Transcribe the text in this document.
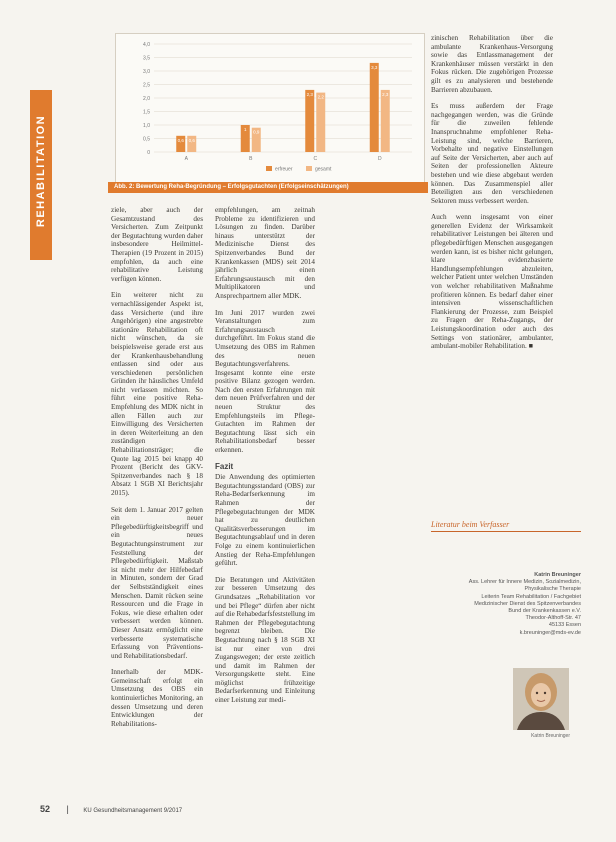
REHABILITATION
4,0
3,5
3,0
2,5
2,0
1,5
1,0
0,5
0
0,6 0,6
A
1
0,9
B
2,3
2,2
C
3,3
2,3
D
erfreuer	gesamt
Abb. 2: Bewertung Reha-Begründung – Erfolgsgutachten (Erfolgseinschätzungen)

ziele, aber auch der Gesamtzustand des Versicherten. Zum Zeitpunkt der Begutachtung wurden daher insbesondere Heilmittel-Therapien (19 Prozent in 2015) empfohlen, da auch eine rehabilitative Leistung verfügen können.

Ein weiterer nicht zu vernachlässigender Aspekt ist, dass Versicherte (und ihre Angehörigen) eine angestrebte stationäre Rehabilitation oft nicht wünschen, da sie beispielsweise gerade erst aus der Krankenhausbehandlung entlassen sind oder aus verschiedenen persönlichen Gründen ihr häusliches Umfeld nicht verlassen möchten. So führt eine positive Reha-Empfehlung des MDK nicht in allen Fällen auch zur Einwilligung des Versicherten in deren Weiterleitung an den zuständigen Rehabilitationsträger; die Quote lag 2015 bei knapp 40 Prozent (Bericht des GKV-Spitzenverbandes nach § 18 Absatz 1 SGB XI Berichtsjahr 2015).

Seit dem 1. Januar 2017 gelten ein neuer Pflegebedürftigkeitsbegriff und ein neues Begutachtungsinstrument zur Feststellung der Pflegebedürftigkeit. Maßstab ist nicht mehr der Hilfebedarf in Minuten, sondern der Grad der Selbstständigkeit eines Menschen. Damit rücken seine Ressourcen und die Frage in Fokus, wie diese erhalten oder verbessert werden können. Dieser Ansatz ermöglicht eine verbesserte systematische Erfassung von Präventions- und Rehabilitationsbedarf.

Innerhalb der MDK-Gemeinschaft erfolgt ein Umsetzung des OBS ein kontinuierliches Monitoring, an dessen Umsetzung und deren Entwicklungen der Rehabilitations-

empfehlungen, am zeitnah Probleme zu identifizieren und Lösungen zu finden. Darüber hinaus unterstützt der Medizinische Dienst des Spitzenverbandes Bund der Krankenkassen (MDS) seit 2014 jährlich einen Erfahrungsaustausch mit den Multiplikatoren und Ansprechpartnern aller MDK.

Im Juni 2017 wurden zwei Veranstaltungen zum Erfahrungsaustausch durchgeführt. Im Fokus stand die Umsetzung des OBS im Rahmen des neuen Begutachtungsverfahrens. Insgesamt konnte eine erste positive Bilanz gezogen werden. Nach den ersten Erfahrungen mit dem neuen Prüfverfahren und der neuen Struktur des Empfehlungsteils im Pflege-Gutachten im Rahmen der Begutachtung lässt sich ein Rehabilitationsbedarf besser erkennen.

Fazit

Die Anwendung des optimierten Begutachtungsstandard (OBS) zur Reha-Bedarfserkennung im Rahmen der Pflegebegutachtungen der MDK hat zu deutlichen Qualitätsverbesserungen im Begutachtungsablauf und in deren Folge zu einem kontinuierlichen Anstieg der Reha-Empfehlungen geführt.

Die Beratungen und Aktivitäten zur besseren Umsetzung des Grundsatzes „Rehabilitation vor und bei Pflege“ dürfen aber nicht auf die Rehabedarfsfeststellung im Rahmen der Pflegebegutachtung begrenzt bleiben. Die Begutachtung nach § 18 SGB XI ist nur einer von drei Zugangswegen; der erste zeitlich und damit im Rahmen der Versorgungskette steht. Eine möglichst frühzeitige Bedarfserkennung und Einleitung einer Leistung zur medi-

zinischen Rehabilitation über die ambulante Krankenhaus-Versorgung sowie das Entlassmanagement der Krankenhäuser müssen verstärkt in den Fokus rücken. Die zugehörigen Prozesse gilt es zu analysieren und bestehende Barrieren abzubauen.

Es muss außerdem der Frage nachgegangen werden, was die Gründe für die zuweilen fehlende Inanspruchnahme empfohlener Reha-Leistung sind, welche Barrieren, Vorbehalte und negative Einstellungen auf Seite der Versicherten, aber auch auf Seiten der professionellen Akteure bestehen und wie diese abgebaut werden können. Das Zusammenspiel aller Beteiligten aus den verschiedenen Sektoren muss verbessert werden.

Auch wenn insgesamt von einer generellen Evidenz der Wirksamkeit rehabilitativer Leistungen bei älteren und pflegebedürftigen Menschen ausgegangen werden kann, ist es bisher nicht gelungen, klare evidenzbasierte Handlungsempfehlungen abzuleiten, welcher Patient unter welchen Umständen von welcher rehabilitativen Maßnahme profitieren können. Es bedarf daher einer intensiven wissenschaftlichen Flankierung der Prozesse, zum Beispiel zu Fragen der Reha-Zugangs, der Leistungskoordination oder auch des Settings von stationärer, ambulanter, ambulant-mobiler Rehabilitation. ■

Literatur beim Verfasser
Katrin Breuninger
Ass. Lehrer für Innere Medizin, Sozialmedizin,
Physikalische Therapie
Leiterin Team Rehabilitation / Fachgebiet
Medizinischer Dienst des Spitzenverbandes
Bund der Krankenkassen e.V.
Theodor-Althoff-Str. 47
45133 Essen
k.breuninger@mds-ev.de
Katrin Breuninger
52 | KU Gesundheitsmanagement 9/2017
